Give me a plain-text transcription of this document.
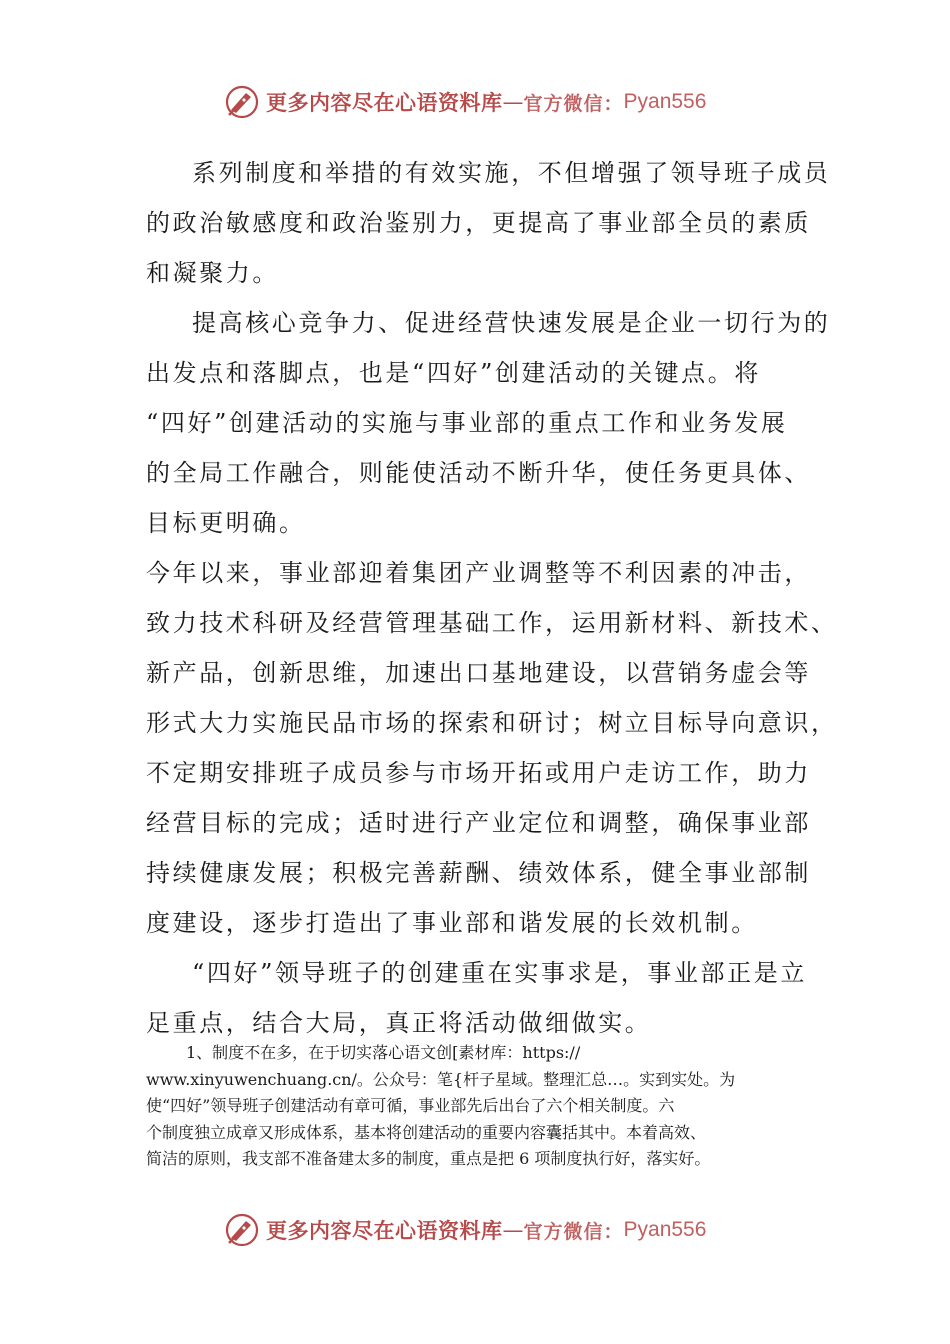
更多内容尽在心语资料库 — 官方微信： Pyan556
系列制度和举措的有效实施，不但增强了领导班子成员
的政治敏感度和政治鉴别力，更提高了事业部全员的素质
和凝聚力。
提高核心竞争力、促进经营快速发展是企业一切行为的
出发点和落脚点，也是“四好”创建活动的关键点。将
“四好”创建活动的实施与事业部的重点工作和业务发展
的全局工作融合，则能使活动不断升华，使任务更具体、
目标更明确。
今年以来，事业部迎着集团产业调整等不利因素的冲击，
致力技术科研及经营管理基础工作，运用新材料、新技术、
新产品，创新思维，加速出口基地建设，以营销务虚会等
形式大力实施民品市场的探索和研讨；树立目标导向意识，
不定期安排班子成员参与市场开拓或用户走访工作，助力
经营目标的完成；适时进行产业定位和调整，确保事业部
持续健康发展；积极完善薪酬、绩效体系，健全事业部制
度建设，逐步打造出了事业部和谐发展的长效机制。
“四好”领导班子的创建重在实事求是，事业部正是立
足重点，结合大局，真正将活动做细做实。
1、制度不在多，在于切实落心语文创[素材库：https://
www.xinyuwenchuang.cn/。公众号：笔{杆子星域。整理汇总…。实到实处。为
使“四好”领导班子创建活动有章可循，事业部先后出台了六个相关制度。六
个制度独立成章又形成体系，基本将创建活动的重要内容囊括其中。本着高效、
简洁的原则，我支部不准备建太多的制度，重点是把 6 项制度执行好，落实好。
更多内容尽在心语资料库 — 官方微信： Pyan556
